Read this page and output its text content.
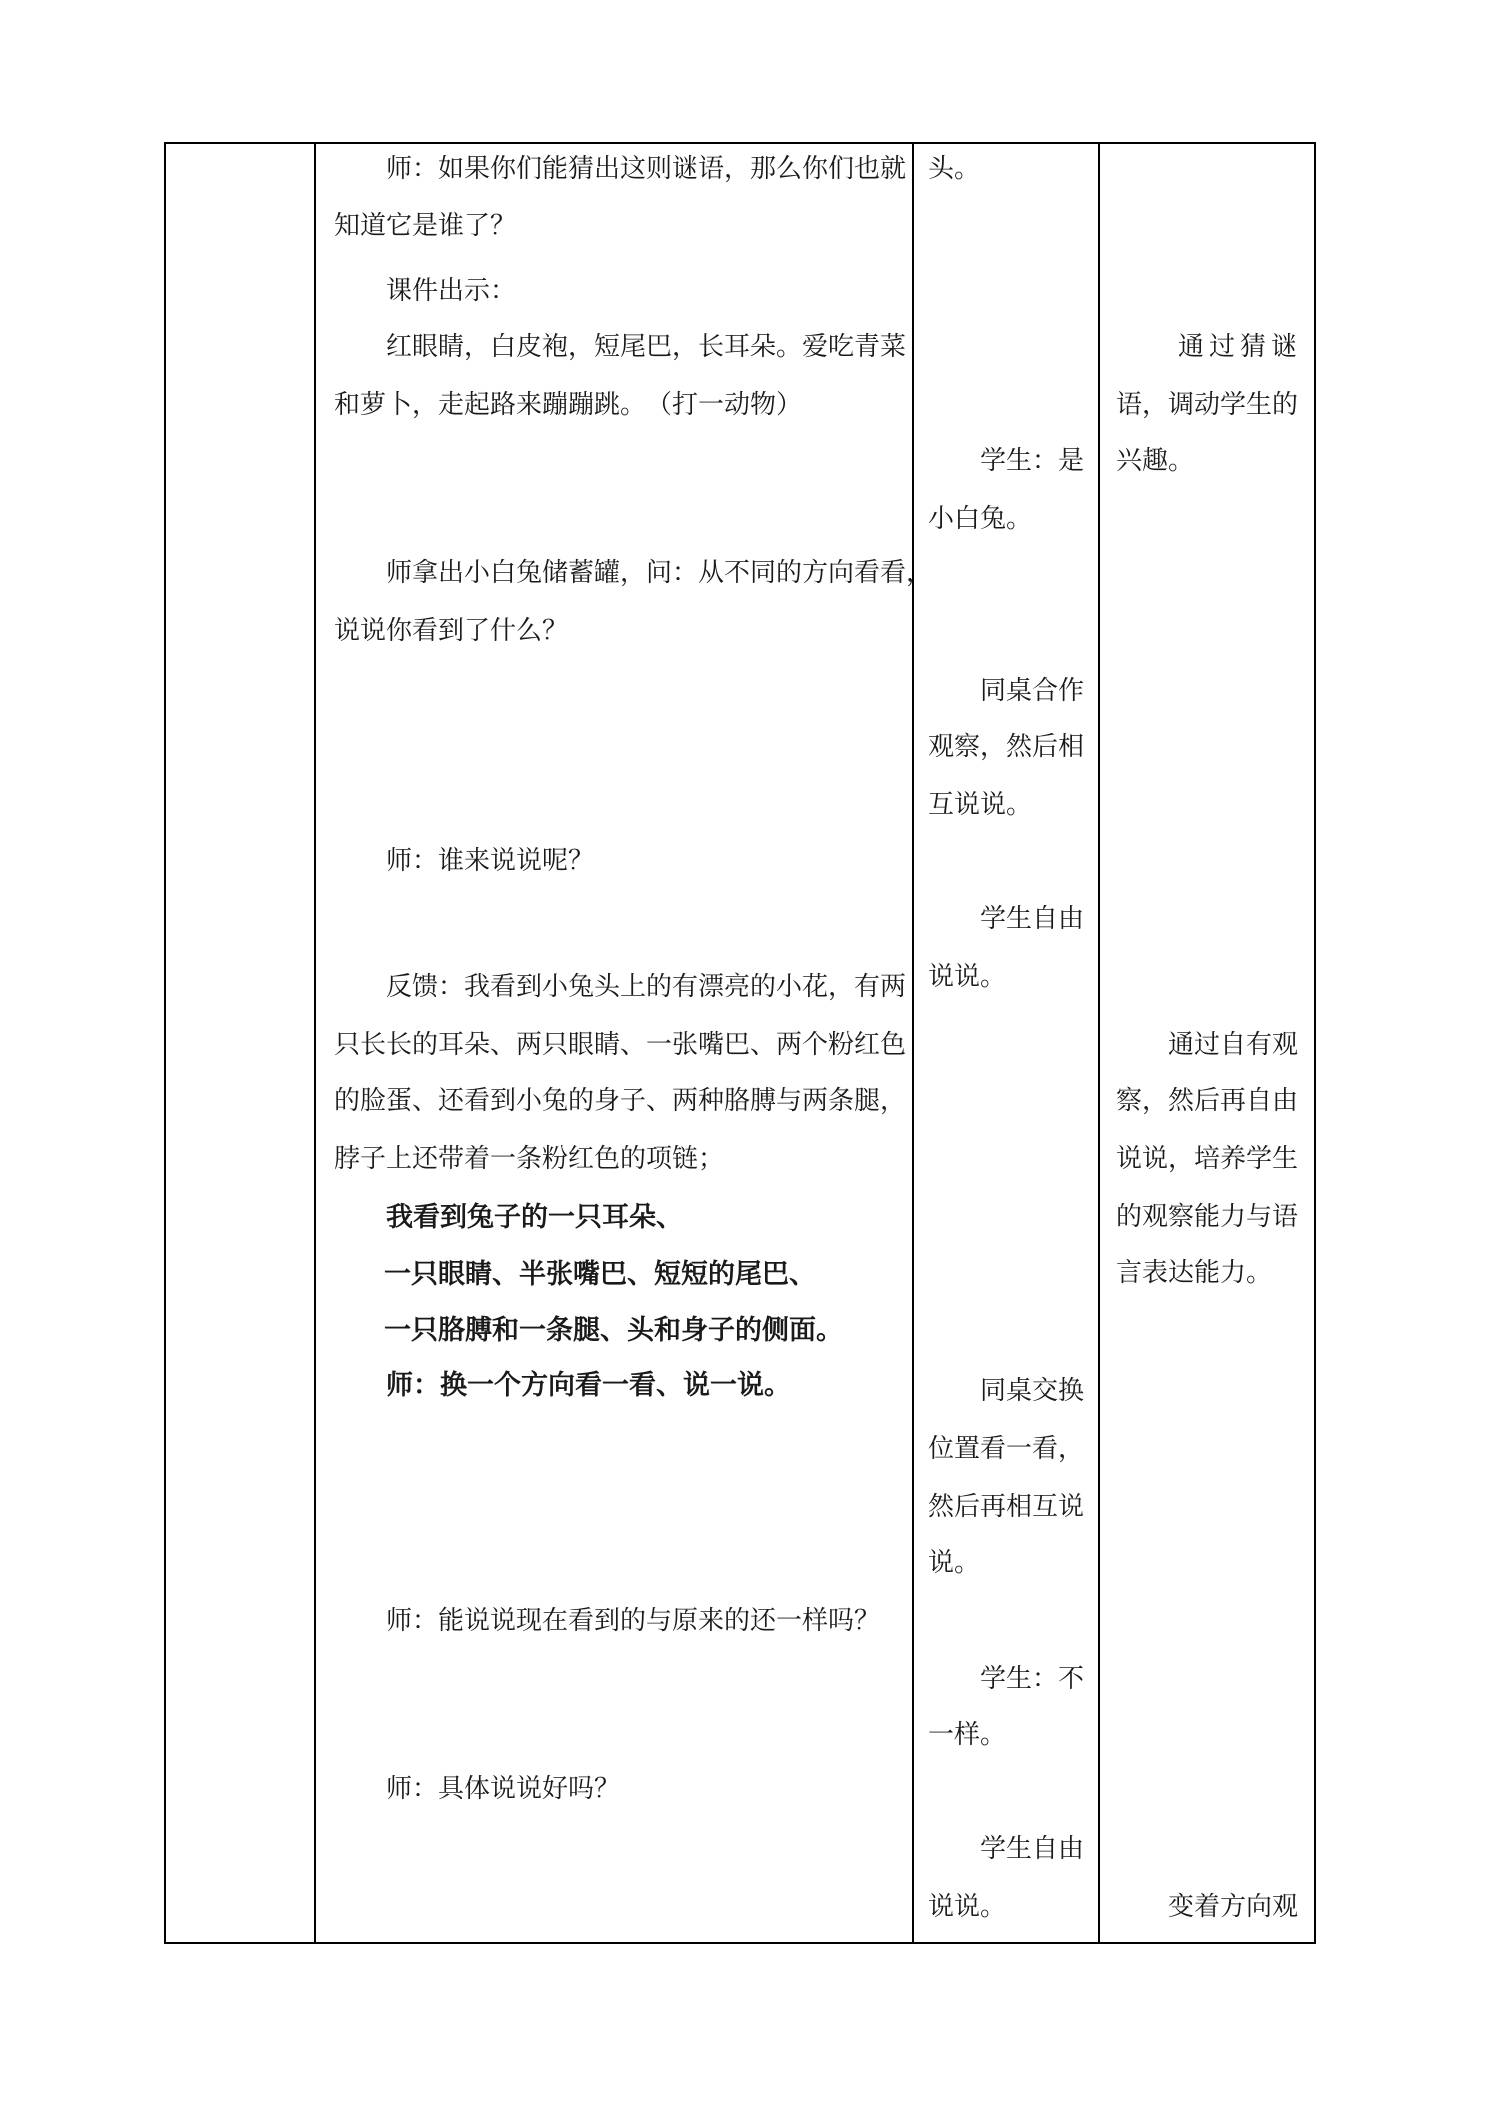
　　师：如果你们能猜出这则谜语，那么你们也就
知道它是谁了？
　　课件出示：
　　红眼睛，白皮袍，短尾巴，长耳朵。爱吃青菜
和萝卜，走起路来蹦蹦跳。　（打一动物）
　　师拿出小白兔储蓄罐，问：从不同的方向看看，
说说你看到了什么？
　　师：谁来说说呢？
　　反馈：我看到小兔头上的有漂亮的小花，有两
只长长的耳朵、两只眼睛、一张嘴巴、两个粉红色
的脸蛋、还看到小兔的身子、两种胳膊与两条腿，
脖子上还带着一条粉红色的项链；
我看到兔子的一只耳朵、
一只眼睛、半张嘴巴、短短的尾巴、
一只胳膊和一条腿、头和身子的侧面。
师：换一个方向看一看、说一说。
　　师：能说说现在看到的与原来的还一样吗？
　　师：具体说说好吗？
头。
　　学生：是
小白兔。
　　同桌合作
观察，然后相
互说说。
　　学生自由
说说。
　　同桌交换
位置看一看，
然后再相互说
说。
　　学生：不
一样。
　　学生自由
说说。
　　通过猜谜
语，调动学生的
兴趣。
　　通过自有观
察，然后再自由
说说，培养学生
的观察能力与语
言表达能力。
　　变着方向观
